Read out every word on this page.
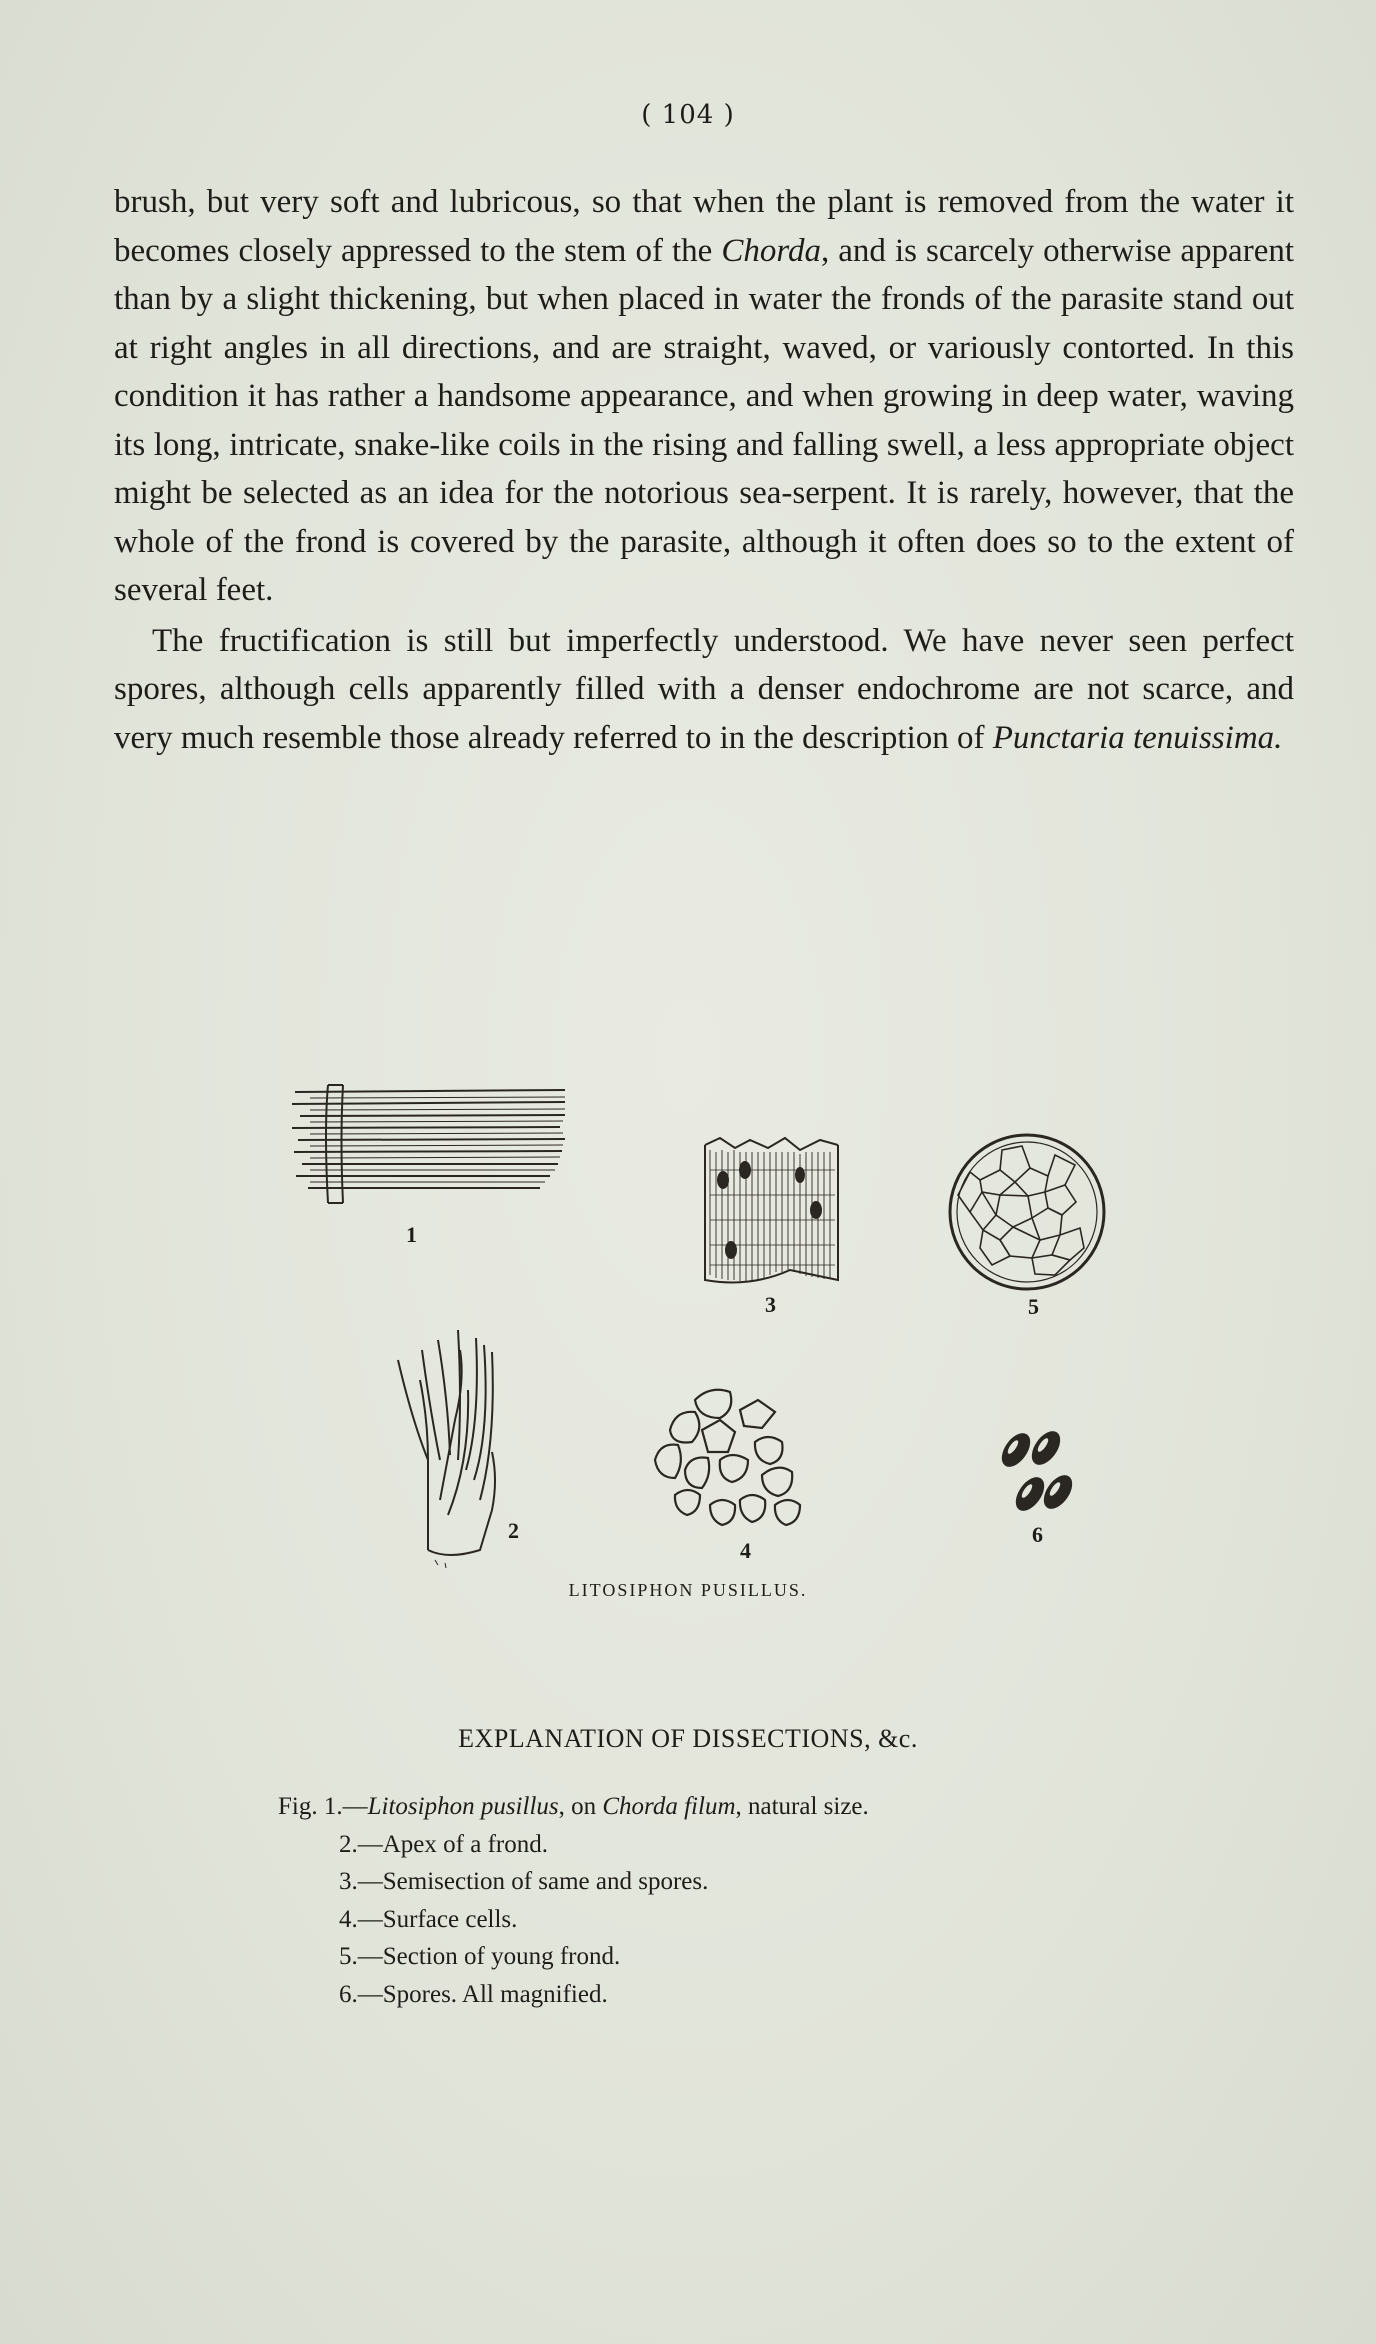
( 104 )

brush, but very soft and lubricous, so that when the plant is removed from the water it becomes closely appressed to the stem of the Chorda, and is scarcely otherwise apparent than by a slight thickening, but when placed in water the fronds of the parasite stand out at right angles in all directions, and are straight, waved, or variously contorted. In this condition it has rather a handsome appearance, and when growing in deep water, waving its long, intricate, snake-like coils in the rising and falling swell, a less appropriate object might be selected as an idea for the notorious sea-serpent. It is rarely, however, that the whole of the frond is covered by the parasite, although it often does so to the extent of several feet.

The fructification is still but imperfectly understood. We have never seen perfect spores, although cells apparently filled with a denser endochrome are not scarce, and very much resemble those already referred to in the description of Punctaria tenuissima.

1
2
3
4
5
6
LITOSIPHON PUSILLUS.
EXPLANATION OF DISSECTIONS, &c.
Fig. 1.—Litosiphon pusillus, on Chorda filum, natural size.
2.—Apex of a frond.
3.—Semisection of same and spores.
4.—Surface cells.
5.—Section of young frond.
6.—Spores. All magnified.
